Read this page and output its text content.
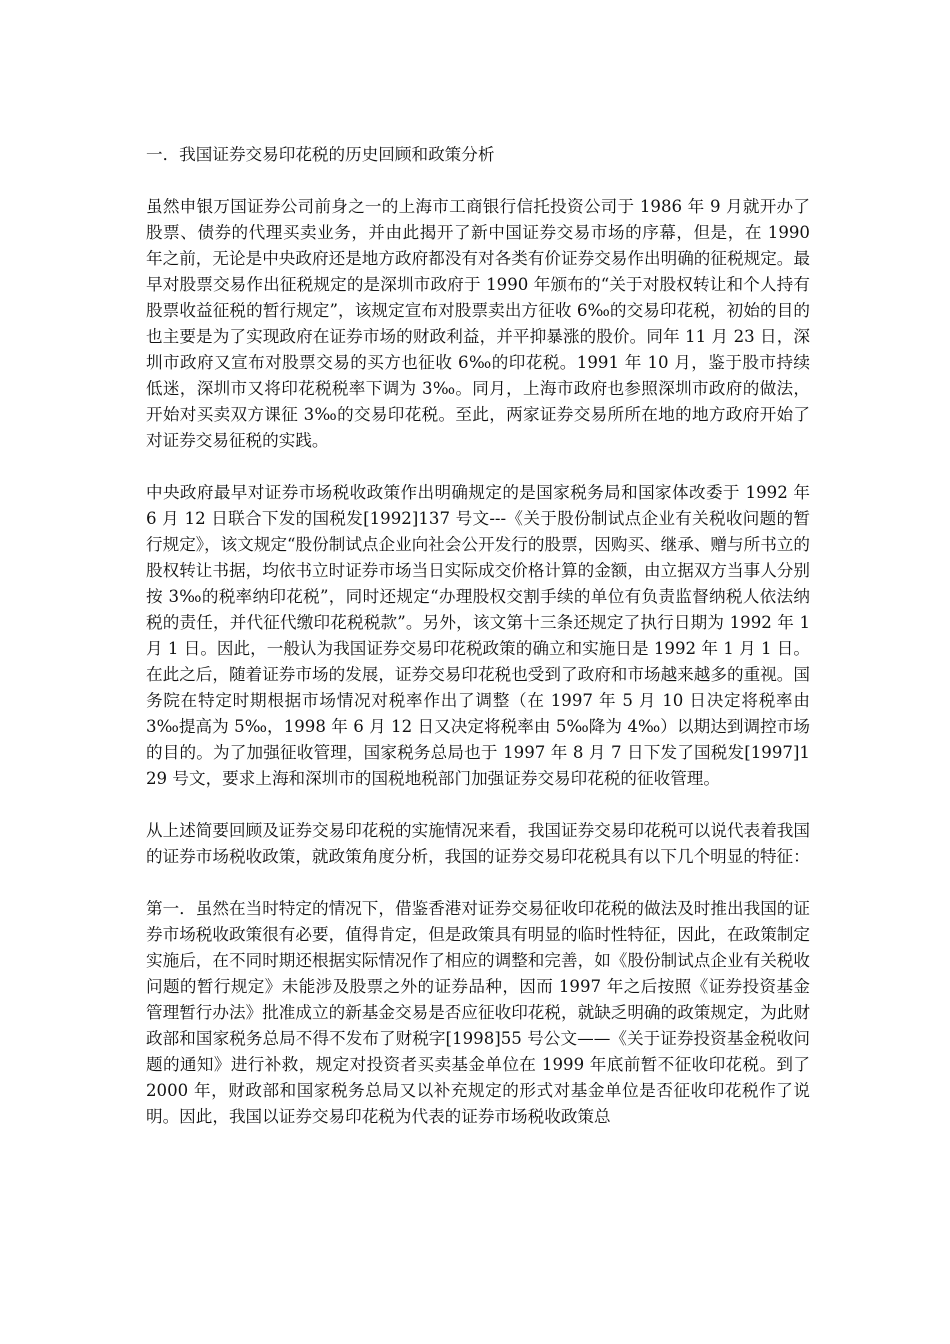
一．我国证券交易印花税的历史回顾和政策分析

虽然申银万国证券公司前身之一的上海市工商银行信托投资公司于 1986 年 9 月就开办了股票、债券的代理买卖业务，并由此揭开了新中国证券交易市场的序幕，但是，在 1990 年之前，无论是中央政府还是地方政府都没有对各类有价证券交易作出明确的征税规定。最早对股票交易作出征税规定的是深圳市政府于 1990 年颁布的“关于对股权转让和个人持有股票收益征税的暂行规定”，该规定宣布对股票卖出方征收 6‰的交易印花税，初始的目的也主要是为了实现政府在证券市场的财政利益，并平抑暴涨的股价。同年 11 月 23 日，深圳市政府又宣布对股票交易的买方也征收 6‰的印花税。1991 年 10 月，鉴于股市持续低迷，深圳市又将印花税税率下调为 3‰。同月，上海市政府也参照深圳市政府的做法，开始对买卖双方课征 3‰的交易印花税。至此，两家证券交易所所在地的地方政府开始了对证券交易征税的实践。

中央政府最早对证券市场税收政策作出明确规定的是国家税务局和国家体改委于 1992 年 6 月 12 日联合下发的国税发[1992]137 号文---《关于股份制试点企业有关税收问题的暂行规定》，该文规定“股份制试点企业向社会公开发行的股票，因购买、继承、赠与所书立的股权转让书据，均依书立时证券市场当日实际成交价格计算的金额，由立据双方当事人分别按 3‰的税率纳印花税”，同时还规定“办理股权交割手续的单位有负责监督纳税人依法纳税的责任，并代征代缴印花税税款”。另外，该文第十三条还规定了执行日期为 1992 年 1 月 1 日。因此，一般认为我国证券交易印花税政策的确立和实施日是 1992 年 1 月 1 日。在此之后，随着证券市场的发展，证券交易印花税也受到了政府和市场越来越多的重视。国务院在特定时期根据市场情况对税率作出了调整（在 1997 年 5 月 10 日决定将税率由 3‰提高为 5‰，1998 年 6 月 12 日又决定将税率由 5‰降为 4‰）以期达到调控市场的目的。为了加强征收管理，国家税务总局也于 1997 年 8 月 7 日下发了国税发[1997]129 号文，要求上海和深圳市的国税地税部门加强证券交易印花税的征收管理。

从上述简要回顾及证券交易印花税的实施情况来看，我国证券交易印花税可以说代表着我国的证券市场税收政策，就政策角度分析，我国的证券交易印花税具有以下几个明显的特征：

第一．虽然在当时特定的情况下，借鉴香港对证券交易征收印花税的做法及时推出我国的证券市场税收政策很有必要，值得肯定，但是政策具有明显的临时性特征，因此，在政策制定实施后，在不同时期还根据实际情况作了相应的调整和完善，如《股份制试点企业有关税收问题的暂行规定》未能涉及股票之外的证券品种，因而 1997 年之后按照《证券投资基金管理暂行办法》批准成立的新基金交易是否应征收印花税，就缺乏明确的政策规定，为此财政部和国家税务总局不得不发布了财税字[1998]55 号公文——《关于证券投资基金税收问题的通知》进行补救，规定对投资者买卖基金单位在 1999 年底前暂不征收印花税。到了 2000 年，财政部和国家税务总局又以补充规定的形式对基金单位是否征收印花税作了说明。因此，我国以证券交易印花税为代表的证券市场税收政策总
